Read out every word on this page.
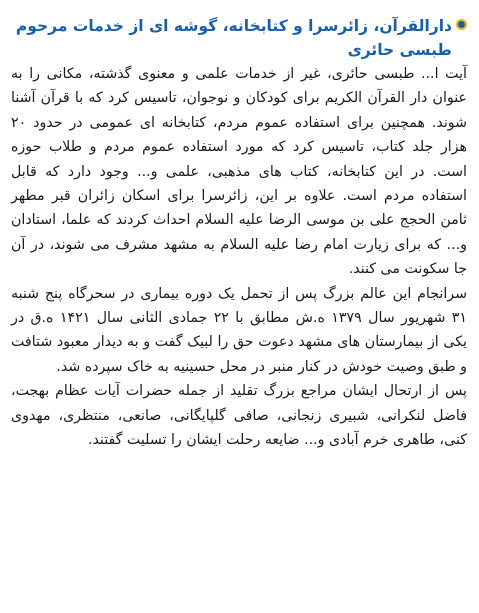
دارالقرآن، زائرسرا و کتابخانه، گوشه ای از خدمات مرحوم طبسی حائری

آیت ا... طبسی حائری، غیر از خدمات علمی و معنوی گذشته، مکانی را به عنوان دار القرآن الکریم برای کودکان و نوجوان، تاسیس کرد که با قرآن آشنا شوند. همچنین برای استفاده عموم مردم، کتابخانه ای عمومی در حدود ۲۰ هزار جلد کتاب، تاسیس کرد که مورد استفاده عموم مردم و طلاب حوزه است. در این کتابخانه، کتاب های مذهبی، علمی و... وجود دارد که قابل استفاده مردم است. علاوه بر این، زائرسرا برای اسکان زائران قبر مطهر ثامن الحجج علی بن موسی الرضا علیه السلام احداث کردند که علما، استادان و... که برای زیارت امام رضا علیه السلام به مشهد مشرف می شوند، در آن جا سکونت می کنند.

سرانجام این عالم بزرگ پس از تحمل یک دوره بیماری در سحرگاه پنج شنبه ۳۱ شهریور سال ۱۳۷۹ ه.ش مطابق با ۲۲ جمادی الثانی سال ۱۴۲۱ ه.ق در یکی از بیمارستان های مشهد دعوت حق را لبیک گفت و به دیدار معبود شتافت و طبق وصیت خودش در کنار منبر در محل حسینیه به خاک سپرده شد.

پس از ارتحال ایشان مراجع بزرگ تقلید از جمله حضرات آیات عظام بهجت، فاضل لنکرانی، شبیری زنجانی، صافی گلپایگانی، صانعی، منتظری، مهدوی کنی، طاهری خرم آبادی و... ضایعه رحلت ایشان را تسلیت گفتند.
